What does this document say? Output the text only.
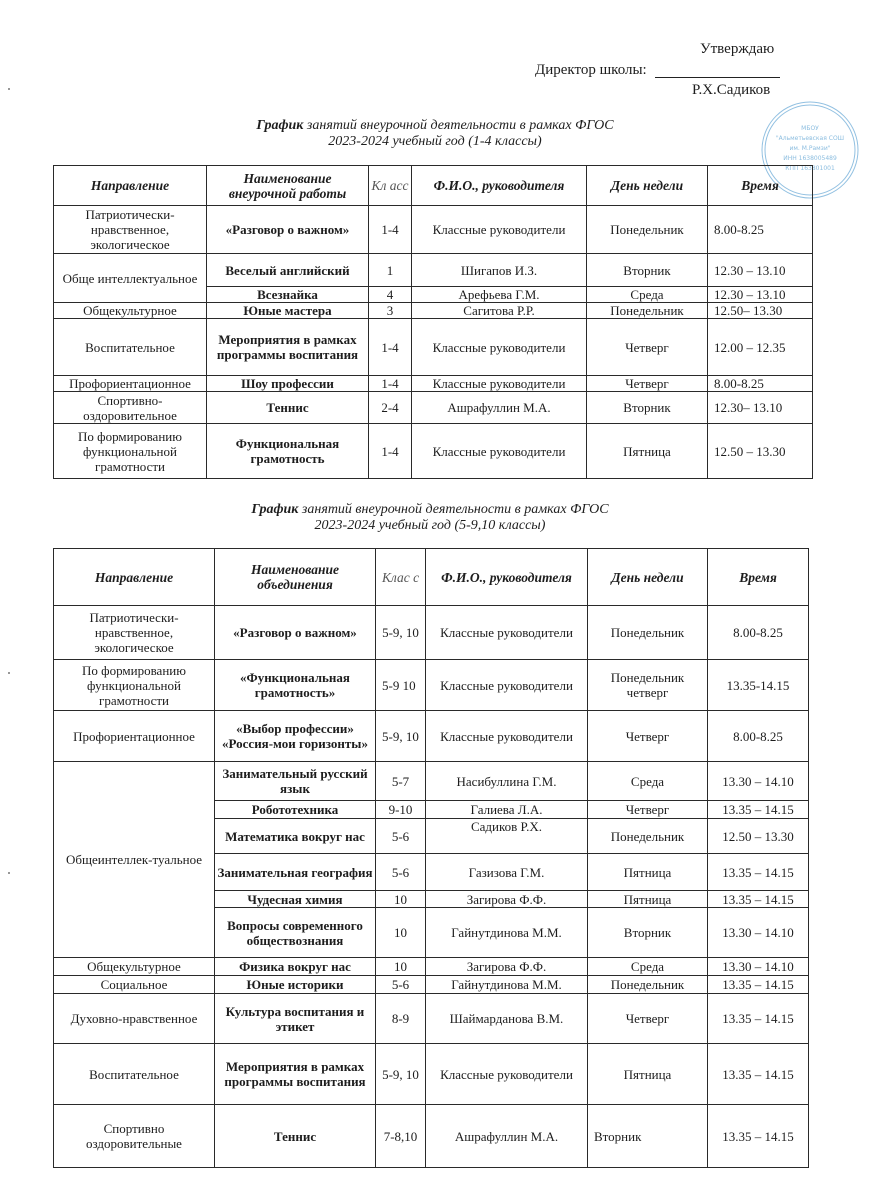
Утверждаю
Директор школы:
Р.Х.Садиков
МБОУ
"Альметьевская СОШ
им. М.Рамзи"
ИНН 1638005489
КПП 163801001
График занятий внеурочной деятельности в рамках ФГОС
2023-2024 учебный год (1-4 классы)
Направление	Наименование внеурочной работы	Кл асс	Ф.И.О., руководителя	День недели	Время
Патриотически-нравственное, экологическое	«Разговор о важном»	1-4	Классные руководители	Понедельник	8.00-8.25
Обще интеллектуальное	Веселый английский	1	Шигапов И.З.	Вторник	12.30 – 13.10
	Всезнайка	4	Арефьева Г.М.	Среда	12.30 – 13.10
Общекультурное	Юные мастера	3	Сагитова Р.Р.	Понедельник	12.50– 13.30
Воспитательное	Мероприятия в рамках программы воспитания	1-4	Классные руководители	Четверг	12.00 – 12.35
Профориентационное	Шоу профессии	1-4	Классные руководители	Четверг	8.00-8.25
Спортивно-оздоровительное	Теннис	2-4	Ашрафуллин М.А.	Вторник	12.30– 13.10
По формированию функциональной грамотности	Функциональная грамотность	1-4	Классные руководители	Пятница	12.50 – 13.30
График занятий внеурочной деятельности в рамках ФГОС
2023-2024 учебный год (5-9,10 классы)
Направление	Наименование объединения	Клас с	Ф.И.О., руководителя	День недели	Время
Патриотически-нравственное, экологическое	«Разговор о важном»	5-9, 10	Классные руководители	Понедельник	8.00-8.25
По формированию функциональной грамотности	«Функциональная грамотность»	5-9 10	Классные руководители	Понедельник четверг	13.35-14.15
Профориентационное	«Выбор профессии» «Россия-мои горизонты»	5-9, 10	Классные руководители	Четверг	8.00-8.25
Общеинтеллек-туальное	Занимательный русский язык	5-7	Насибуллина Г.М.	Среда	13.30 – 14.10
	Робототехника	9-10	Галиева Л.А.	Четверг	13.35 – 14.15
	Математика вокруг нас	5-6	Садиков Р.Х.	Понедельник	12.50 – 13.30
	Занимательная география	5-6	Газизова Г.М.	Пятница	13.35 – 14.15
	Чудесная химия	10	Загирова Ф.Ф.	Пятница	13.35 – 14.15
	Вопросы современного обществознания	10	Гайнутдинова М.М.	Вторник	13.30 – 14.10
Общекультурное	Физика вокруг нас	10	Загирова Ф.Ф.	Среда	13.30 – 14.10
Социальное	Юные историки	5-6	Гайнутдинова М.М.	Понедельник	13.35 – 14.15
Духовно-нравственное	Культура воспитания и этикет	8-9	Шаймарданова В.М.	Четверг	13.35 – 14.15
Воспитательное	Мероприятия в рамках программы воспитания	5-9, 10	Классные руководители	Пятница	13.35 – 14.15
Спортивно оздоровительные	Теннис	7-8,10	Ашрафуллин М.А.	Вторник	13.35 – 14.15
